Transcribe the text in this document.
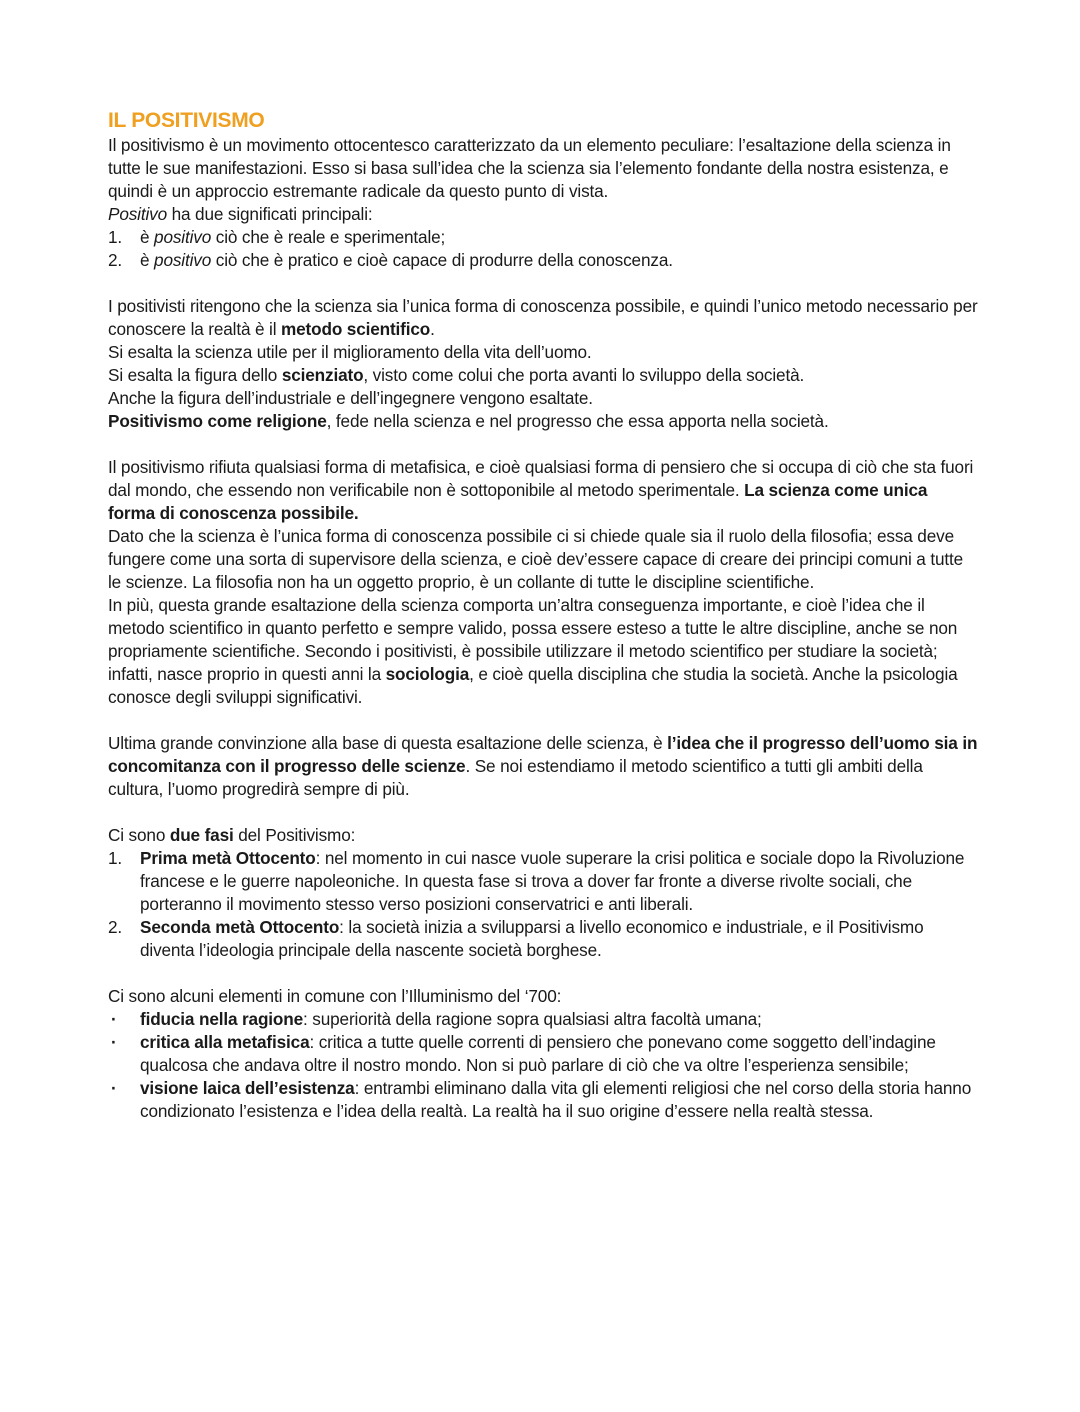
IL POSITIVISMO

Il positivismo è un movimento ottocentesco caratterizzato da un elemento peculiare: l’esaltazione della scienza in tutte le sue manifestazioni. Esso si basa sull’idea che la scienza sia l’elemento fondante della nostra esistenza, e quindi è un approccio estremante radicale da questo punto di vista.

Positivo ha due significati principali:

1. è positivo ciò che è reale e sperimentale;
2. è positivo ciò che è pratico e cioè capace di produrre della conoscenza.

I positivisti ritengono che la scienza sia l’unica forma di conoscenza possibile, e quindi l’unico metodo necessario per conoscere la realtà è il metodo scientifico.

Si esalta la scienza utile per il miglioramento della vita dell’uomo.

Si esalta la figura dello scienziato, visto come colui che porta avanti lo sviluppo della società.

Anche la figura dell’industriale e dell’ingegnere vengono esaltate.

Positivismo come religione, fede nella scienza e nel progresso che essa apporta nella società.

Il positivismo rifiuta qualsiasi forma di metafisica, e cioè qualsiasi forma di pensiero che si occupa di ciò che sta fuori dal mondo, che essendo non verificabile non è sottoponibile al metodo sperimentale. La scienza come unica forma di conoscenza possibile.

Dato che la scienza è l’unica forma di conoscenza possibile ci si chiede quale sia il ruolo della filosofia; essa deve fungere come una sorta di supervisore della scienza, e cioè dev’essere capace di creare dei principi comuni a tutte le scienze. La filosofia non ha un oggetto proprio, è un collante di tutte le discipline scientifiche.

In più, questa grande esaltazione della scienza comporta un’altra conseguenza importante, e cioè l’idea che il metodo scientifico in quanto perfetto e sempre valido, possa essere esteso a tutte le altre discipline, anche se non propriamente scientifiche. Secondo i positivisti, è possibile utilizzare il metodo scientifico per studiare la società; infatti, nasce proprio in questi anni la sociologia, e cioè quella disciplina che studia la società. Anche la psicologia conosce degli sviluppi significativi.

Ultima grande convinzione alla base di questa esaltazione delle scienza, è l’idea che il progresso dell’uomo sia in concomitanza con il progresso delle scienze. Se noi estendiamo il metodo scientifico a tutti gli ambiti della cultura, l’uomo progredirà sempre di più.

Ci sono due fasi del Positivismo:

1. Prima metà Ottocento: nel momento in cui nasce vuole superare la crisi politica e sociale dopo la Rivoluzione francese e le guerre napoleoniche. In questa fase si trova a dover far fronte a diverse rivolte sociali, che porteranno il movimento stesso verso posizioni conservatrici e anti liberali.
2. Seconda metà Ottocento: la società inizia a svilupparsi a livello economico e industriale, e il Positivismo diventa l’ideologia principale della nascente società borghese.

Ci sono alcuni elementi in comune con l’Illuminismo del ‘700:

· fiducia nella ragione: superiorità della ragione sopra qualsiasi altra facoltà umana;
· critica alla metafisica: critica a tutte quelle correnti di pensiero che ponevano come soggetto dell’indagine qualcosa che andava oltre il nostro mondo. Non si può parlare di ciò che va oltre l’esperienza sensibile;
· visione laica dell’esistenza: entrambi eliminano dalla vita gli elementi religiosi che nel corso della storia hanno condizionato l’esistenza e l’idea della realtà. La realtà ha il suo origine d’essere nella realtà stessa.
